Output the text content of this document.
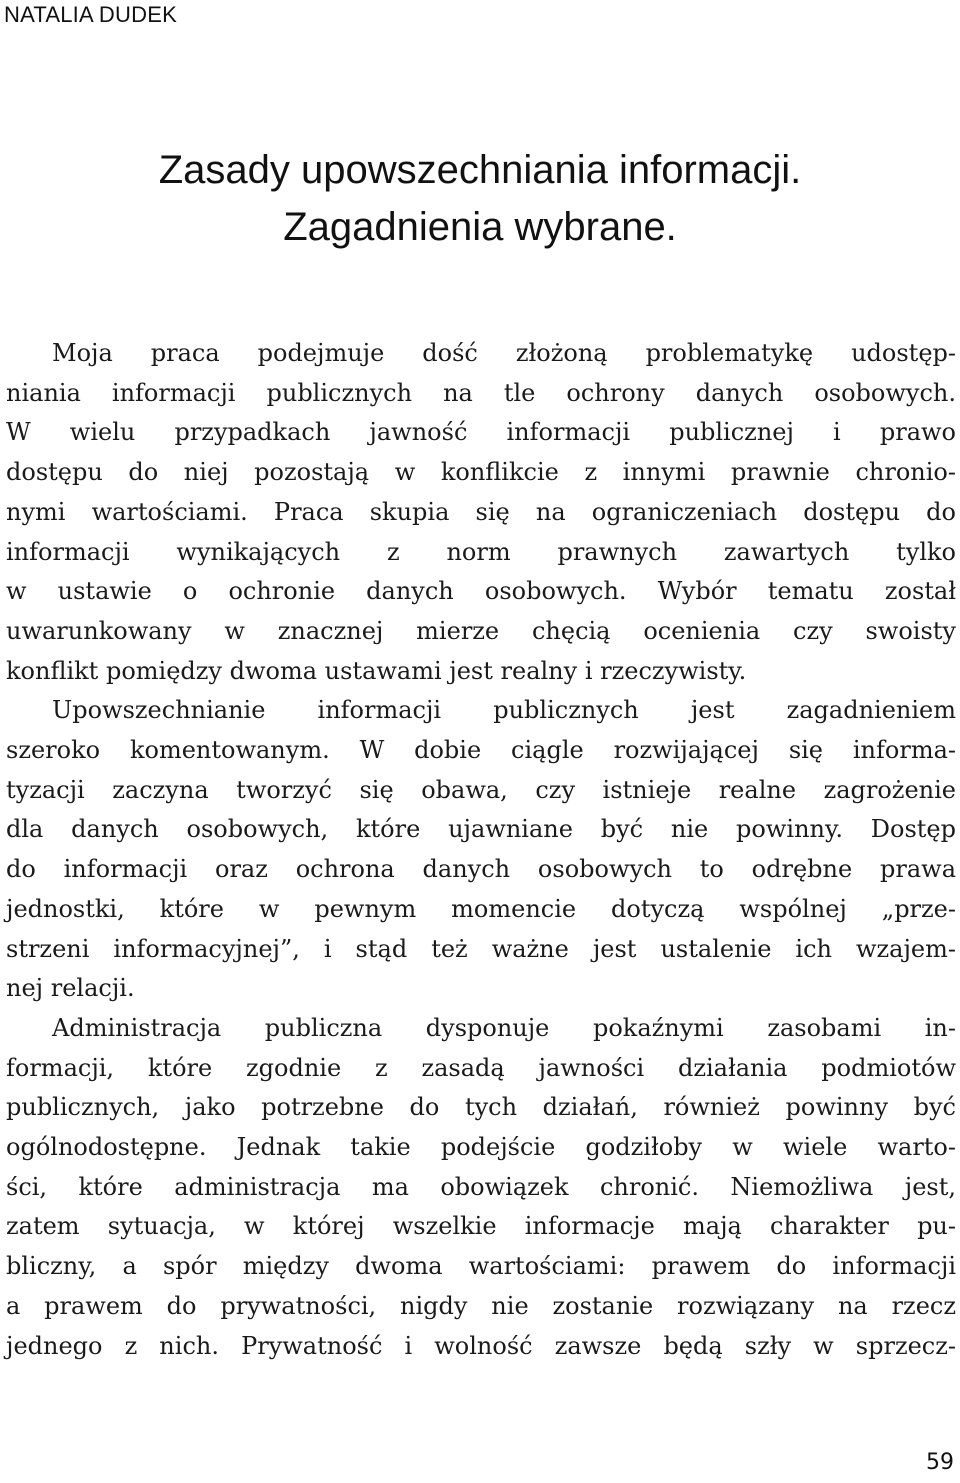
NATALIA DUDEK
Zasady upowszechniania informacji.
Zagadnienia wybrane.
Moja praca podejmuje dość złożoną problematykę udostęp-
niania informacji publicznych na tle ochrony danych osobowych.
W wielu przypadkach jawność informacji publicznej i prawo
dostępu do niej pozostają w konflikcie z innymi prawnie chronio-
nymi wartościami. Praca skupia się na ograniczeniach dostępu do
informacji wynikających z norm prawnych zawartych tylko
w ustawie o ochronie danych osobowych. Wybór tematu został
uwarunkowany w znacznej mierze chęcią ocenienia czy swoisty
konflikt pomiędzy dwoma ustawami jest realny i rzeczywisty.
Upowszechnianie informacji publicznych jest zagadnieniem
szeroko komentowanym. W dobie ciągle rozwijającej się informa-
tyzacji zaczyna tworzyć się obawa, czy istnieje realne zagrożenie
dla danych osobowych, które ujawniane być nie powinny. Dostęp
do informacji oraz ochrona danych osobowych to odrębne prawa
jednostki, które w pewnym momencie dotyczą wspólnej „prze-
strzeni informacyjnej”, i stąd też ważne jest ustalenie ich wzajem-
nej relacji.
Administracja publiczna dysponuje pokaźnymi zasobami in-
formacji, które zgodnie z zasadą jawności działania podmiotów
publicznych, jako potrzebne do tych działań, również powinny być
ogólnodostępne. Jednak takie podejście godziłoby w wiele warto-
ści, które administracja ma obowiązek chronić. Niemożliwa jest,
zatem sytuacja, w której wszelkie informacje mają charakter pu-
bliczny, a spór między dwoma wartościami: prawem do informacji
a prawem do prywatności, nigdy nie zostanie rozwiązany na rzecz
jednego z nich. Prywatność i wolność zawsze będą szły w sprzecz-
59
